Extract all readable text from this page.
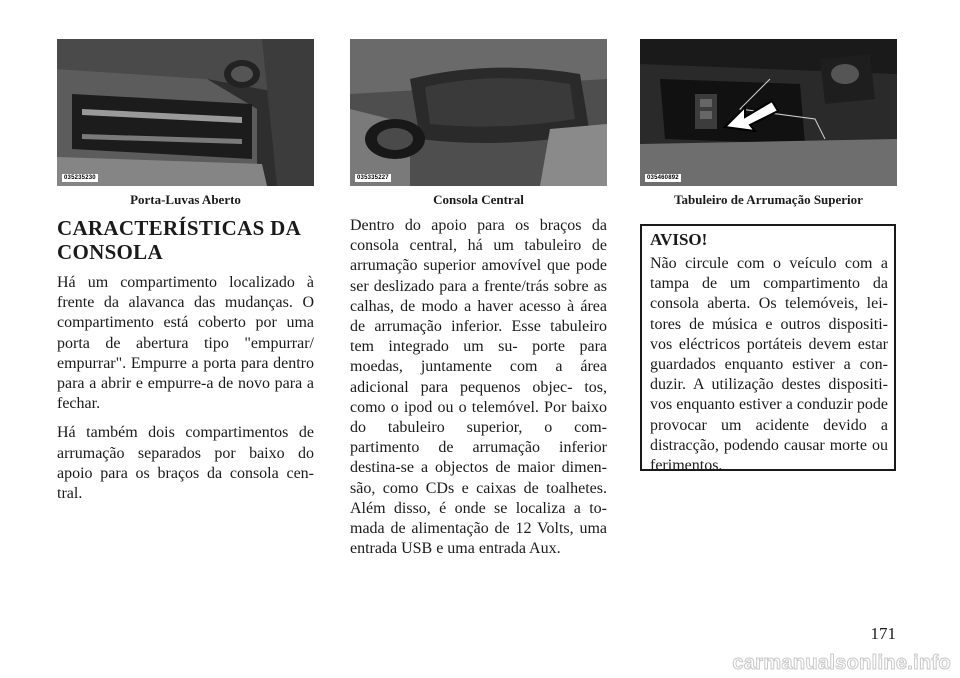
035235230
Porta-Luvas Aberto
035335227
Consola Central
035460892
Tabuleiro de Arrumação Superior
CARACTERÍSTICAS DA
CONSOLA

Há um compartimento localizado à frente da alavanca das mudanças. O compartimento está coberto por uma porta de abertura tipo "empurrar/ empurrar". Empurre a porta para dentro para a abrir e empurre-a de novo para a fechar.

Há também dois compartimentos de arrumação separados por baixo do apoio para os braços da consola cen- tral.

Dentro do apoio para os braços da consola central, há um tabuleiro de arrumação superior amovível que pode ser deslizado para a frente/trás sobre as calhas, de modo a haver acesso à área de arrumação inferior. Esse tabuleiro tem integrado um su- porte para moedas, juntamente com a área adicional para pequenos objec- tos, como o ipod ou o telemóvel. Por baixo do tabuleiro superior, o com- partimento de arrumação inferior destina-se a objectos de maior dimen- são, como CDs e caixas de toalhetes. Além disso, é onde se localiza a to- mada de alimentação de 12 Volts, uma entrada USB e uma entrada Aux.

AVISO!

Não circule com o veículo com a tampa de um compartimento da consola aberta. Os telemóveis, lei- tores de música e outros dispositi- vos eléctricos portáteis devem estar guardados enquanto estiver a con- duzir. A utilização destes dispositi- vos enquanto estiver a conduzir pode provocar um acidente devido a distracção, podendo causar morte ou ferimentos.

171
carmanualsonline.info
